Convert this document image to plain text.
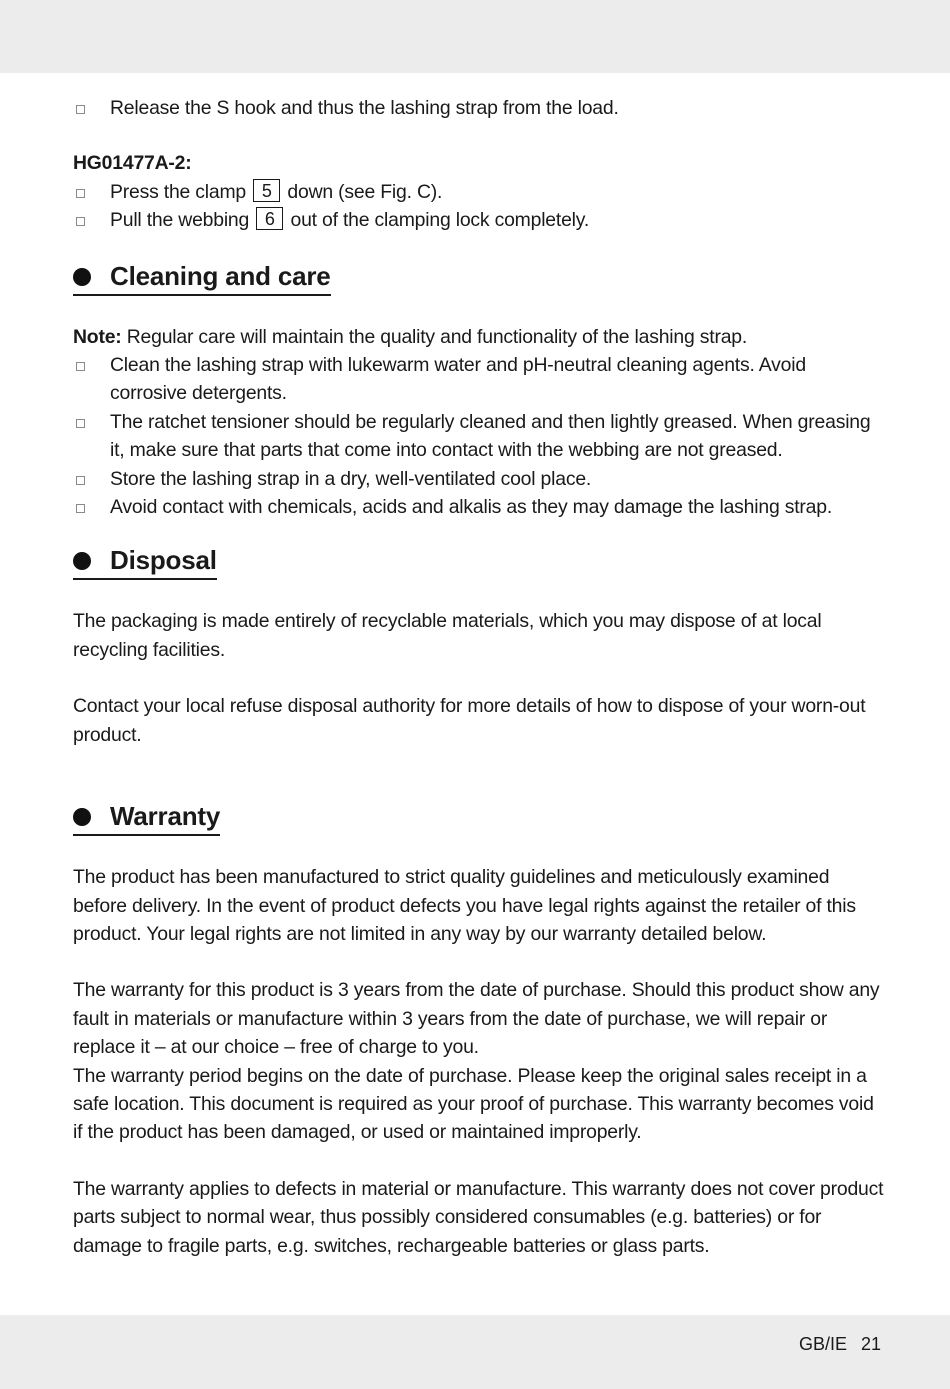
Release the S hook and thus the lashing strap from the load.
HG01477A-2:
Press the clamp 5 down (see Fig. C).
Pull the webbing 6 out of the clamping lock completely.
Cleaning and care
Note: Regular care will maintain the quality and functionality of the lashing strap.
Clean the lashing strap with lukewarm water and pH-neutral cleaning agents. Avoid corrosive detergents.
The ratchet tensioner should be regularly cleaned and then lightly greased. When greasing it, make sure that parts that come into contact with the webbing are not greased.
Store the lashing strap in a dry, well-ventilated cool place.
Avoid contact with chemicals, acids and alkalis as they may damage the lashing strap.
Disposal
The packaging is made entirely of recyclable materials, which you may dispose of at local recycling facilities.
Contact your local refuse disposal authority for more details of how to dispose of your worn-out product.
Warranty
The product has been manufactured to strict quality guidelines and meticulously examined before delivery. In the event of product defects you have legal rights against the retailer of this product. Your legal rights are not limited in any way by our warranty detailed below.
The warranty for this product is 3 years from the date of purchase. Should this product show any fault in materials or manufacture within 3 years from the date of purchase, we will repair or replace it – at our choice – free of charge to you.
The warranty period begins on the date of purchase. Please keep the original sales receipt in a safe location. This document is required as your proof of purchase. This warranty becomes void if the product has been damaged, or used or maintained improperly.
The warranty applies to defects in material or manufacture. This warranty does not cover product parts subject to normal wear, thus possibly considered consumables (e.g. batteries) or for damage to fragile parts, e.g. switches, rechargeable batteries or glass parts.
GB/IE 21
